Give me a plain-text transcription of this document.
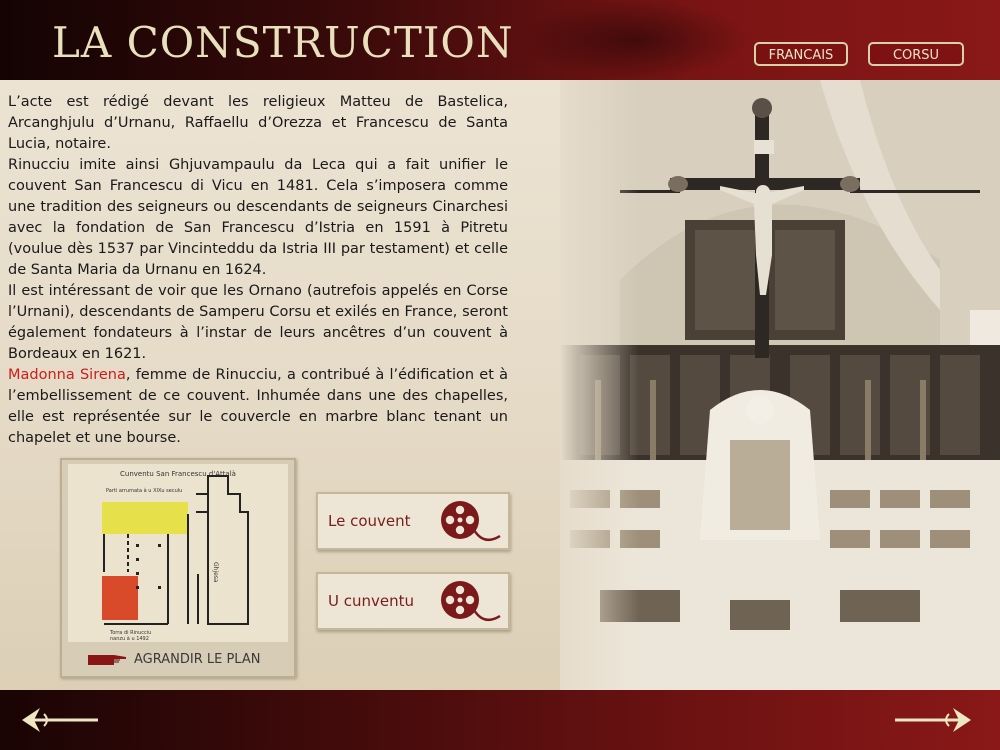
LA CONSTRUCTION	FRANCAIS	CORSU

L’acte est rédigé devant les religieux Matteu de Bastelica, Arcanghjulu d’Urnanu, Raffaellu d’Orezza et Francescu de Santa Lucia, notaire.

Rinucciu imite ainsi Ghjuvampaulu da Leca qui a fait unifier le couvent San Francescu di Vicu en 1481. Cela s’imposera comme une tradition des seigneurs ou descendants de seigneurs Cinarchesi avec la fondation de San Francescu d’Istria en 1591 à Pitretu (voulue dès 1537 par Vincinteddu da Istria III par testament) et celle de Santa Maria da Urnanu en 1624.

Il est intéressant de voir que les Ornano (autrefois appelés en Corse l’Urnani), descendants de Samperu Corsu et exilés en France, seront également fondateurs à l’instar de leurs ancêtres d’un couvent à Bordeaux en 1621.

Madonna Sirena, femme de Rinucciu, a contribué à l’édification et à l’embellissement de ce couvent. Inhumée dans une des chapelles, elle est représentée sur le couvercle en marbre blanc tenant un chapelet et une bourse.

Cunventu San Francescu d'Attalà
Parti arrumata à u XIXu seculu
Ghjesa
Torra di Rinucciu
nanzu à u 1492
AGRANDIR LE PLAN
Le couvent
U cunventu
